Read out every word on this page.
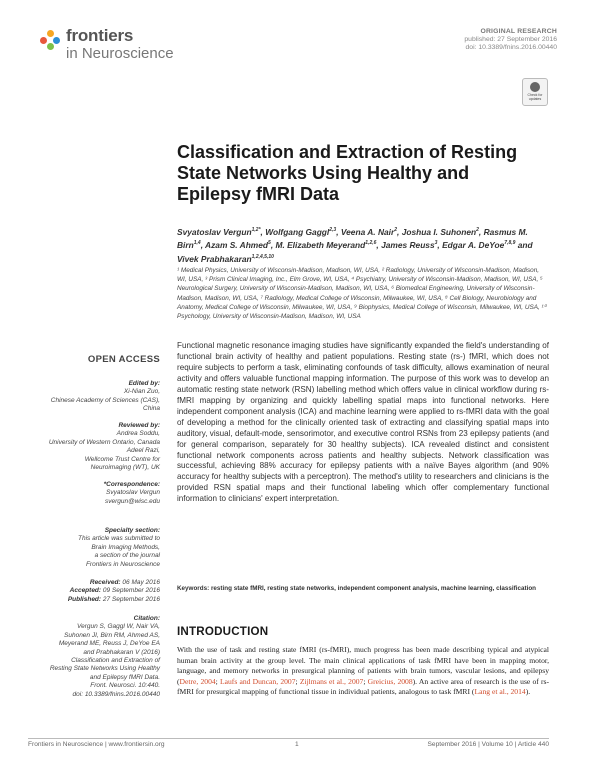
frontiers
in Neuroscience
ORIGINAL RESEARCH
published: 27 September 2016
doi: 10.3389/fnins.2016.00440
Check for
updates
Classification and Extraction of Resting State Networks Using Healthy and Epilepsy fMRI Data
Svyatoslav Vergun$^{1,2*}$, Wolfgang Gaggl$^{2,3}$, Veena A. Nair$^2$, Joshua I. Suhonen$^2$, Rasmus M. Birn$^{1,4}$, Azam S. Ahmed$^5$, M. Elizabeth Meyerand$^{1,2,6}$, James Reuss$^3$, Edgar A. DeYoe$^{7,8,9}$ and Vivek Prabhakaran$^{1,2,4,5,10}$
¹ Medical Physics, University of Wisconsin-Madison, Madison, WI, USA, ² Radiology, University of Wisconsin-Madison, Madison, WI, USA, ³ Prism Clinical Imaging, Inc., Elm Grove, WI, USA, ⁴ Psychiatry, University of Wisconsin-Madison, Madison, WI, USA, ⁵ Neurological Surgery, University of Wisconsin-Madison, Madison, WI, USA, ⁶ Biomedical Engineering, University of Wisconsin-Madison, Madison, WI, USA, ⁷ Radiology, Medical College of Wisconsin, Milwaukee, WI, USA, ⁸ Cell Biology, Neurobiology and Anatomy, Medical College of Wisconsin, Milwaukee, WI, USA, ⁹ Biophysics, Medical College of Wisconsin, Milwaukee, WI, USA, ¹⁰ Psychology, University of Wisconsin-Madison, Madison, WI, USA
OPEN ACCESS
Edited by:
Xi-Nian Zuo,
Chinese Academy of Sciences (CAS),
China
Reviewed by:
Andrea Soddu,
University of Western Ontario, Canada
Adeel Razi,
Wellcome Trust Centre for
Neuroimaging (WT), UK
*Correspondence:
Svyatoslav Vergun
svergun@wisc.edu
Specialty section:
This article was submitted to
Brain Imaging Methods,
a section of the journal
Frontiers in Neuroscience
Received: 06 May 2016
Accepted: 09 September 2016
Published: 27 September 2016
Citation:
Vergun S, Gaggl W, Nair VA,
Suhonen JI, Birn RM, Ahmed AS,
Meyerand ME, Reuss J, DeYoe EA
and Prabhakaran V (2016)
Classification and Extraction of
Resting State Networks Using Healthy
and Epilepsy fMRI Data.
Front. Neurosci. 10:440.
doi: 10.3389/fnins.2016.00440
Functional magnetic resonance imaging studies have significantly expanded the field's understanding of functional brain activity of healthy and patient populations. Resting state (rs-) fMRI, which does not require subjects to perform a task, eliminating confounds of task difficulty, allows examination of neural activity and offers valuable functional mapping information. The purpose of this work was to develop an automatic resting state network (RSN) labelling method which offers value in clinical workflow during rs-fMRI mapping by organizing and quickly labelling spatial maps into functional networks. Here independent component analysis (ICA) and machine learning were applied to rs-fMRI data with the goal of developing a method for the clinically oriented task of extracting and classifying spatial maps into auditory, visual, default-mode, sensorimotor, and executive control RSNs from 23 epilepsy patients (and for general comparison, separately for 30 healthy subjects). ICA revealed distinct and consistent functional network components across patients and healthy subjects. Network classification was successful, achieving 88% accuracy for epilepsy patients with a naïve Bayes algorithm (and 90% accuracy for healthy subjects with a perceptron). The method's utility to researchers and clinicians is the provided RSN spatial maps and their functional labeling which offer complementary functional information to clinicians' expert interpretation.
Keywords: resting state fMRI, resting state networks, independent component analysis, machine learning, classification
INTRODUCTION
With the use of task and resting state fMRI (rs-fMRI), much progress has been made describing typical and atypical human brain activity at the group level. The main clinical applications of task fMRI have been in mapping motor, language, and memory networks in presurgical planning of patients with brain tumors, vascular lesions, and epilepsy (Detre, 2004; Laufs and Duncan, 2007; Zijlmans et al., 2007; Greicius, 2008). An active area of research is the use of rs-fMRI for presurgical mapping of functional tissue in individual patients, analogous to task fMRI (Lang et al., 2014).
Frontiers in Neuroscience | www.frontiersin.org	1	September 2016 | Volume 10 | Article 440
